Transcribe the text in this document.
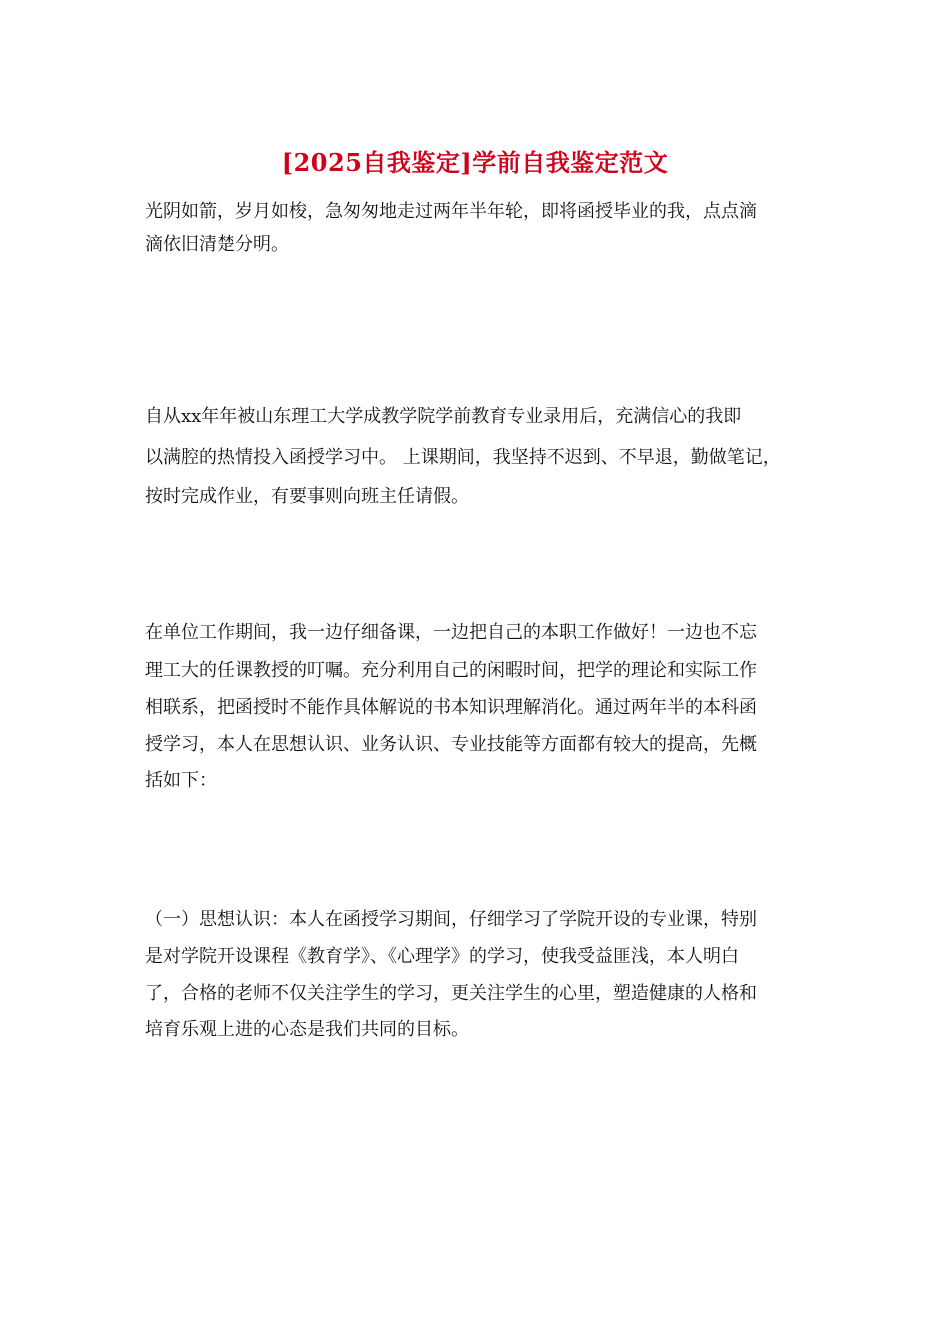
[2025自我鉴定]学前自我鉴定范文
光阴如箭，岁月如梭，急匆匆地走过两年半年轮，即将函授毕业的我，点点滴
滴依旧清楚分明。
自从xx年年被山东理工大学成教学院学前教育专业录用后，充满信心的我即
以满腔的热情投入函授学习中。 上课期间，我坚持不迟到、不早退，勤做笔记，
按时完成作业，有要事则向班主任请假。
在单位工作期间，我一边仔细备课，一边把自己的本职工作做好！一边也不忘
理工大的任课教授的叮嘱。充分利用自己的闲暇时间，把学的理论和实际工作
相联系，把函授时不能作具体解说的书本知识理解消化。通过两年半的本科函
授学习，本人在思想认识、业务认识、专业技能等方面都有较大的提高，先概
括如下：
（一）思想认识：本人在函授学习期间，仔细学习了学院开设的专业课，特别
是对学院开设课程《教育学》、《心理学》的学习，使我受益匪浅，本人明白
了，合格的老师不仅关注学生的学习，更关注学生的心里，塑造健康的人格和
培育乐观上进的心态是我们共同的目标。
